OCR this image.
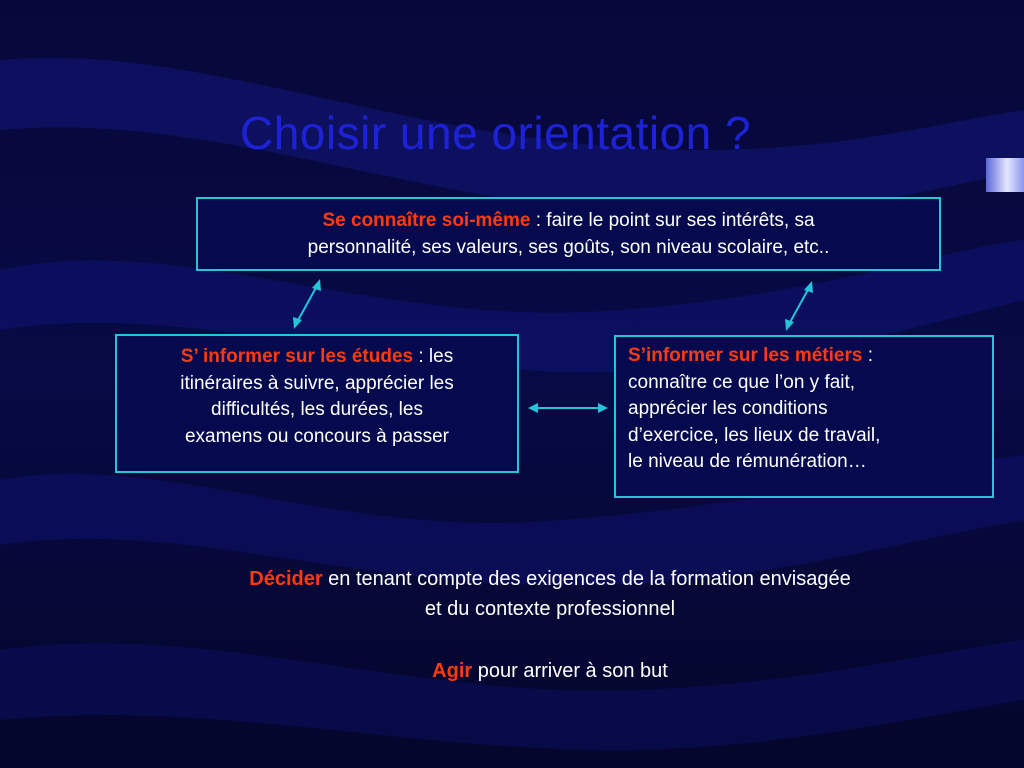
Choisir une orientation ?
Se connaître soi-même : faire le point sur ses intérêts, sa
personnalité, ses valeurs, ses goûts, son niveau scolaire, etc..
S’ informer sur les études : les
itinéraires à suivre, apprécier les
difficultés, les durées, les
examens ou concours à passer
S’informer sur les métiers :
connaître ce que l’on y fait,
apprécier les conditions
d’exercice, les lieux de travail,
le niveau de rémunération…
Décider en tenant compte des exigences de la formation envisagée
et du contexte professionnel
Agir pour arriver à son but
